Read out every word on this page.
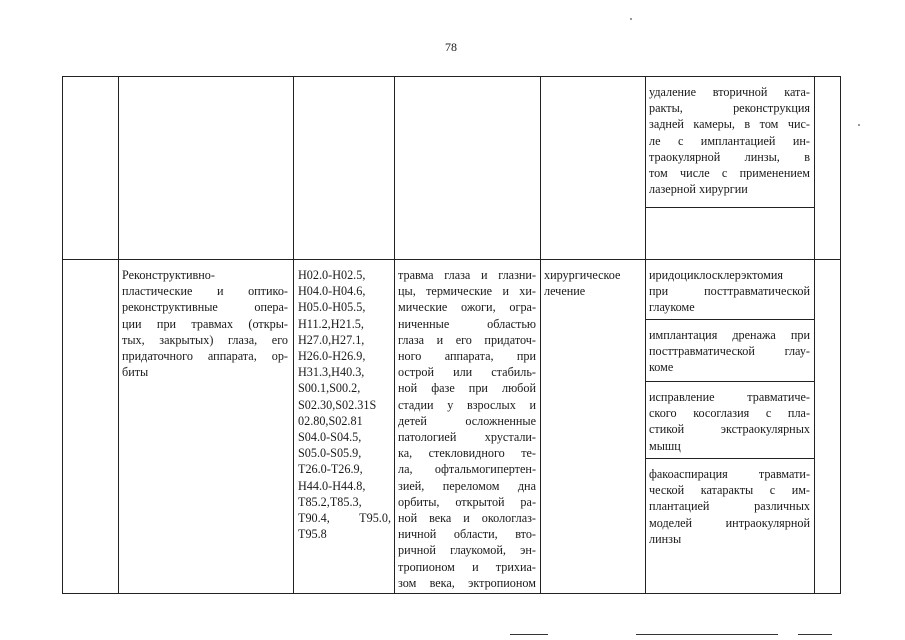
78
удаление вторичной ката-
ракты, реконструкция
задней камеры, в том чис-
ле с имплантацией ин-
траокулярной линзы, в
том числе с применением
лазерной хирургии
Реконструктивно-
пластические и оптико-
реконструктивные опера-
ции при травмах (откры-
тых, закрытых) глаза, его
придаточного аппарата, ор-
биты
H02.0-H02.5,
H04.0-H04.6,
H05.0-H05.5,
H11.2,H21.5,
H27.0,H27.1,
H26.0-H26.9,
H31.3,H40.3,
S00.1,S00.2,
S02.30,S02.31S
02.80,S02.81
S04.0-S04.5,
S05.0-S05.9,
T26.0-T26.9,
H44.0-H44.8,
T85.2,T85.3,
T90.4, T95.0,
T95.8
травма глаза и глазни-
цы, термические и хи-
мические ожоги, огра-
ниченные областью
глаза и его придаточ-
ного аппарата, при
острой или стабиль-
ной фазе при любой
стадии у взрослых и
детей осложненные
патологией хрустали-
ка, стекловидного те-
ла, офтальмогипертен-
зией, переломом дна
орбиты, открытой ра-
ной века и окологлаз-
ничной области, вто-
ричной глаукомой, эн-
тропионом и трихиа-
зом века, эктропионом
хирургическое
лечение
иридоциклосклерэктомия
при посттравматической
глаукоме
имплантация дренажа при
посттравматической глау-
коме
исправление травматиче-
ского косоглазия с пла-
стикой экстраокулярных
мышц
факоаспирация травмати-
ческой катаракты с им-
плантацией различных
моделей интраокулярной
линзы
